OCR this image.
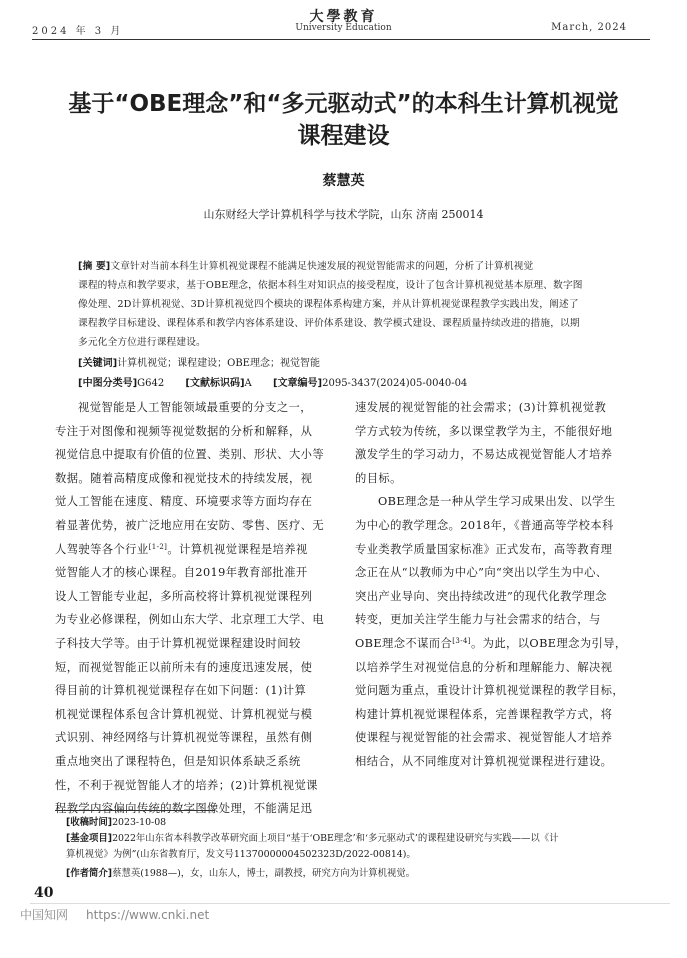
2024 年 3 月
大學教育
University Education	March, 2024
基于“OBE理念”和“多元驱动式”的本科生计算机视觉
课程建设
蔡慧英
山东财经大学计算机科学与技术学院，山东 济南 250014
[摘 要]文章针对当前本科生计算机视觉课程不能满足快速发展的视觉智能需求的问题，分析了计算机视觉
课程的特点和教学要求，基于OBE理念，依据本科生对知识点的接受程度，设计了包含计算机视觉基本原理、数字图
像处理、2D计算机视觉、3D计算机视觉四个模块的课程体系构建方案，并从计算机视觉课程教学实践出发，阐述了
课程教学目标建设、课程体系和教学内容体系建设、评价体系建设、教学模式建设、课程质量持续改进的措施，以期
多元化全方位进行课程建设。
[关键词]计算机视觉；课程建设；OBE理念；视觉智能
[中图分类号]G642 [文献标识码]A [文章编号]2095-3437(2024)05-0040-04
视觉智能是人工智能领域最重要的分支之一，
专注于对图像和视频等视觉数据的分析和解释，从
视觉信息中提取有价值的位置、类别、形状、大小等
数据。随着高精度成像和视觉技术的持续发展，视
觉人工智能在速度、精度、环境要求等方面均存在
着显著优势，被广泛地应用在安防、零售、医疗、无
人驾驶等各个行业[1-2]。计算机视觉课程是培养视
觉智能人才的核心课程。自2019年教育部批准开
设人工智能专业起，多所高校将计算机视觉课程列
为专业必修课程，例如山东大学、北京理工大学、电
子科技大学等。由于计算机视觉课程建设时间较
短，而视觉智能正以前所未有的速度迅速发展，使
得目前的计算机视觉课程存在如下问题：(1)计算
机视觉课程体系包含计算机视觉、计算机视觉与模
式识别、神经网络与计算机视觉等课程，虽然有侧
重点地突出了课程特色，但是知识体系缺乏系统
性，不利于视觉智能人才的培养；(2)计算机视觉课
程教学内容偏向传统的数字图像处理，不能满足迅
速发展的视觉智能的社会需求；(3)计算机视觉教
学方式较为传统，多以课堂教学为主，不能很好地
激发学生的学习动力，不易达成视觉智能人才培养
的目标。
OBE理念是一种从学生学习成果出发、以学生
为中心的教学理念。2018年，《普通高等学校本科
专业类教学质量国家标准》正式发布，高等教育理
念正在从“以教师为中心”向“突出以学生为中心、
突出产业导向、突出持续改进”的现代化教学理念
转变，更加关注学生能力与社会需求的结合，与
OBE理念不谋而合[3-4]。为此，以OBE理念为引导，
以培养学生对视觉信息的分析和理解能力、解决视
觉问题为重点，重设计计算机视觉课程的教学目标，
构建计算机视觉课程体系，完善课程教学方式，将
使课程与视觉智能的社会需求、视觉智能人才培养
相结合，从不同维度对计算机视觉课程进行建设。
[收稿时间]2023-10-08
[基金项目]2022年山东省本科教学改革研究面上项目“基于‘OBE理念’和‘多元驱动式’的课程建设研究与实践——以《计
算机视觉》为例”(山东省教育厅，发文号11370000004502323D/2022-00814)。
[作者简介]蔡慧英(1988—)，女，山东人，博士，副教授，研究方向为计算机视觉。
40
中国知网 https://www.cnki.net
